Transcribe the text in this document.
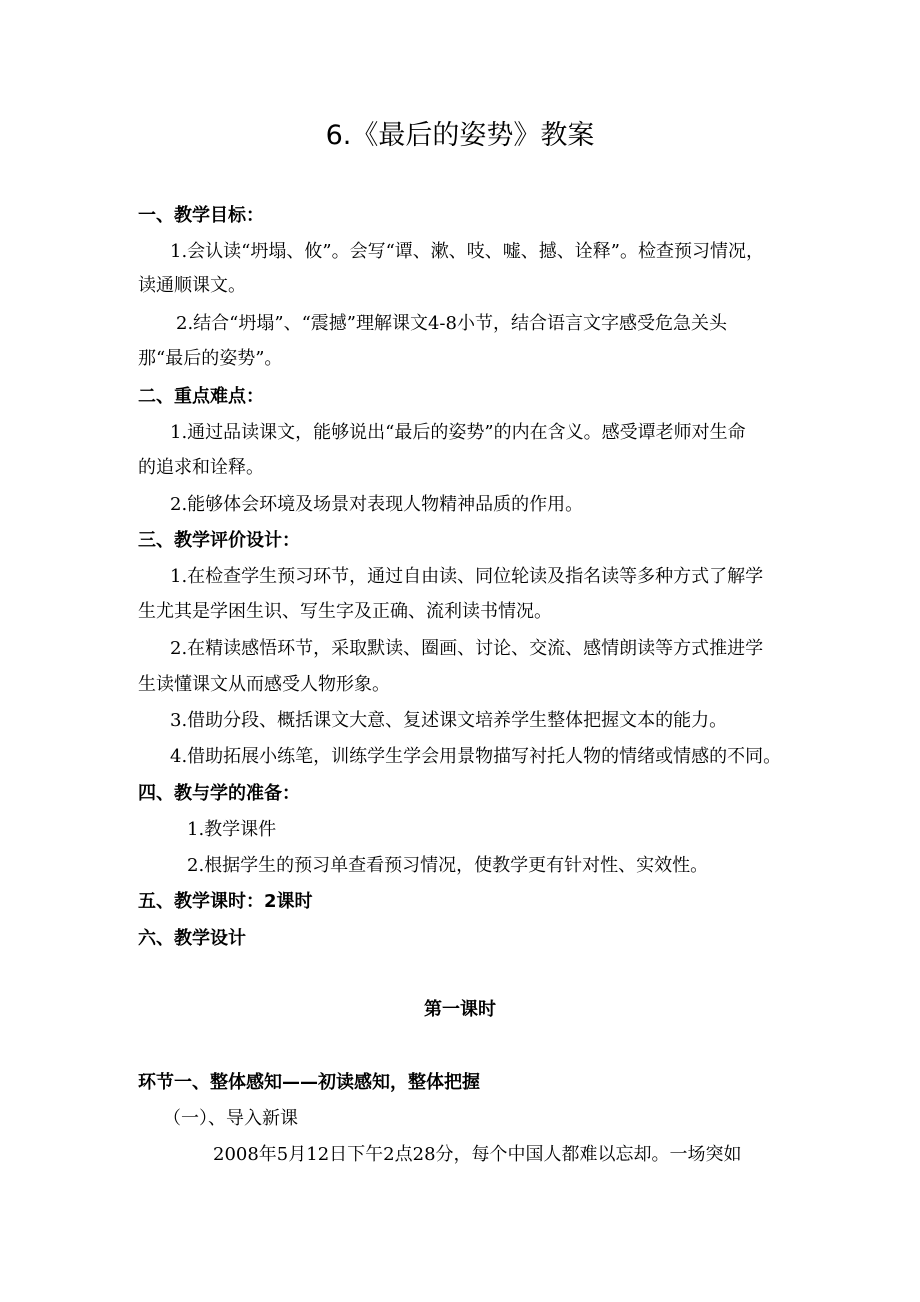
6.《最后的姿势》教案
一、教学目标：
1.会认读“坍塌、攸”。会写“谭、漱、吱、嘘、撼、诠释”。检查预习情况，
读通顺课文。
2.结合“坍塌”、“震撼”理解课文4-8小节，结合语言文字感受危急关头
那“最后的姿势”。
二、重点难点：
1.通过品读课文，能够说出“最后的姿势”的内在含义。感受谭老师对生命
的追求和诠释。
2.能够体会环境及场景对表现人物精神品质的作用。
三、教学评价设计：
1.在检查学生预习环节，通过自由读、同位轮读及指名读等多种方式了解学
生尤其是学困生识、写生字及正确、流利读书情况。
2.在精读感悟环节，采取默读、圈画、讨论、交流、感情朗读等方式推进学
生读懂课文从而感受人物形象。
3.借助分段、概括课文大意、复述课文培养学生整体把握文本的能力。
4.借助拓展小练笔，训练学生学会用景物描写衬托人物的情绪或情感的不同。
四、教与学的准备：
1.教学课件
2.根据学生的预习单查看预习情况，使教学更有针对性、实效性。
五、教学课时：2课时
六、教学设计
第一课时
环节一、整体感知——初读感知，整体把握
（一）、导入新课
2008年5月12日下午2点28分，每个中国人都难以忘却。一场突如
